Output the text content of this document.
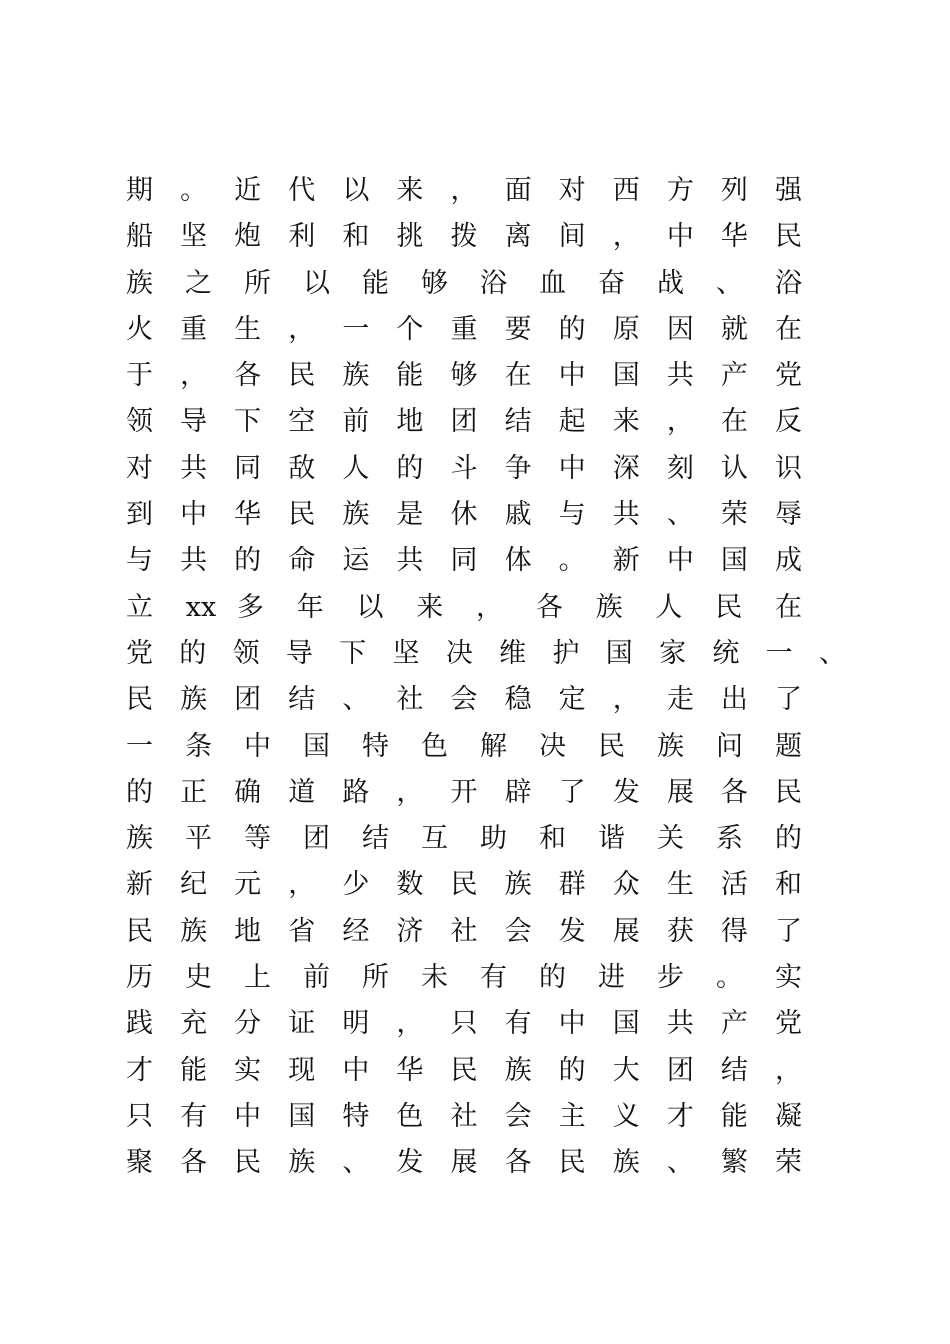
期 。 近 代 以 来 ， 面 对 西 方 列 强
船 坚 炮 利 和 挑 拨 离 间 ， 中 华 民
族 之 所 以 能 够 浴 血 奋 战 、 浴
火 重 生 ， 一 个 重 要 的 原 因 就 在
于 ， 各 民 族 能 够 在 中 国 共 产 党
领 导 下 空 前 地 团 结 起 来 ， 在 反
对 共 同 敌 人 的 斗 争 中 深 刻 认 识
到 中 华 民 族 是 休 戚 与 共 、 荣 辱
与 共 的 命 运 共 同 体 。 新 中 国 成
立 xx 多 年 以 来 ， 各 族 人 民 在
党 的 领 导 下 坚 决 维 护 国 家 统 一 、
民 族 团 结 、 社 会 稳 定 ， 走 出 了
一 条 中 国 特 色 解 决 民 族 问 题
的 正 确 道 路 ， 开 辟 了 发 展 各 民
族 平 等 团 结 互 助 和 谐 关 系 的
新 纪 元 ， 少 数 民 族 群 众 生 活 和
民 族 地 省 经 济 社 会 发 展 获 得 了
历 史 上 前 所 未 有 的 进 步 。 实
践 充 分 证 明 ， 只 有 中 国 共 产 党
才 能 实 现 中 华 民 族 的 大 团 结 ，
只 有 中 国 特 色 社 会 主 义 才 能 凝
聚 各 民 族 、 发 展 各 民 族 、 繁 荣
